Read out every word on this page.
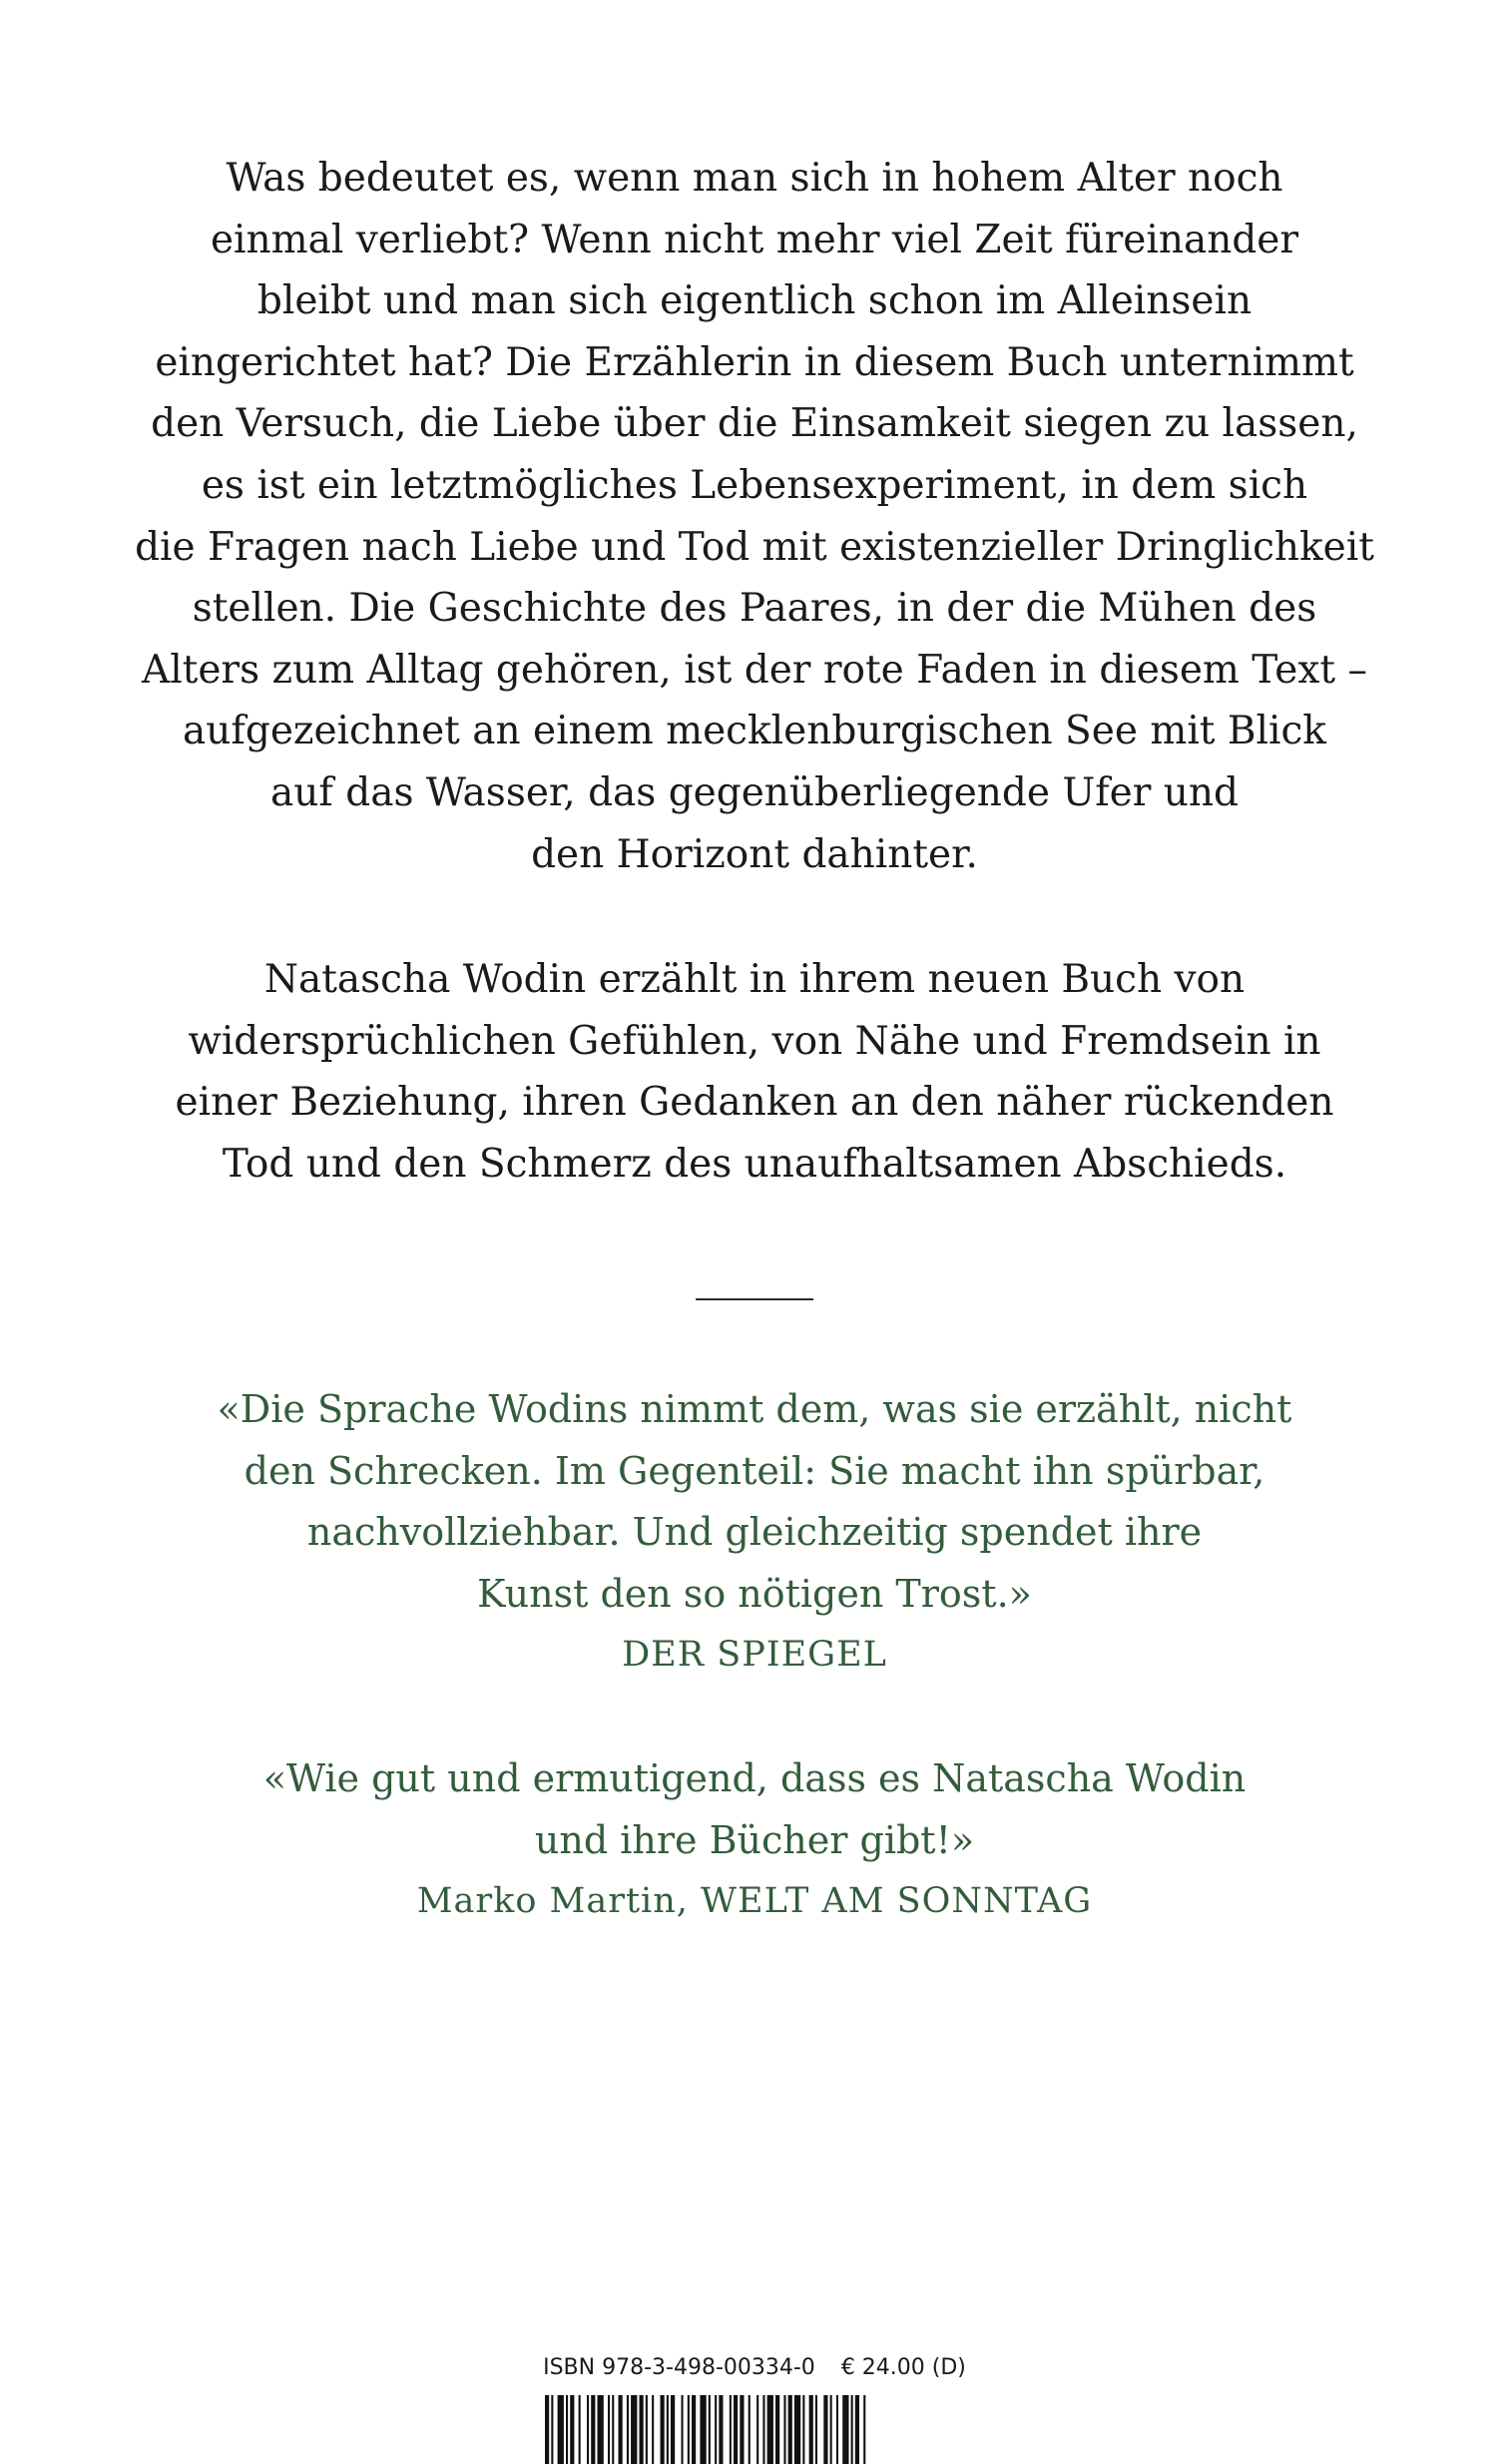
Was bedeutet es, wenn man sich in hohem Alter noch
einmal verliebt? Wenn nicht mehr viel Zeit füreinander
bleibt und man sich eigentlich schon im Alleinsein
eingerichtet hat? Die Erzählerin in diesem Buch unternimmt
den Versuch, die Liebe über die Einsamkeit siegen zu lassen,
es ist ein letztmögliches Lebensexperiment, in dem sich
die Fragen nach Liebe und Tod mit existenzieller Dringlichkeit
stellen. Die Geschichte des Paares, in der die Mühen des
Alters zum Alltag gehören, ist der rote Faden in diesem Text –
aufgezeichnet an einem mecklenburgischen See mit Blick
auf das Wasser, das gegenüberliegende Ufer und
den Horizont dahinter.
Natascha Wodin erzählt in ihrem neuen Buch von
widersprüchlichen Gefühlen, von Nähe und Fremdsein in
einer Beziehung, ihren Gedanken an den näher rückenden
Tod und den Schmerz des unaufhaltsamen Abschieds.
«Die Sprache Wodins nimmt dem, was sie erzählt, nicht
den Schrecken. Im Gegenteil: Sie macht ihn spürbar,
nachvollziehbar. Und gleichzeitig spendet ihre
Kunst den so nötigen Trost.»
DER SPIEGEL
«Wie gut und ermutigend, dass es Natascha Wodin
und ihre Bücher gibt!»
Marko Martin, WELT AM SONNTAG
ISBN 978-3-498-00334-0 € 24.00 (D)
